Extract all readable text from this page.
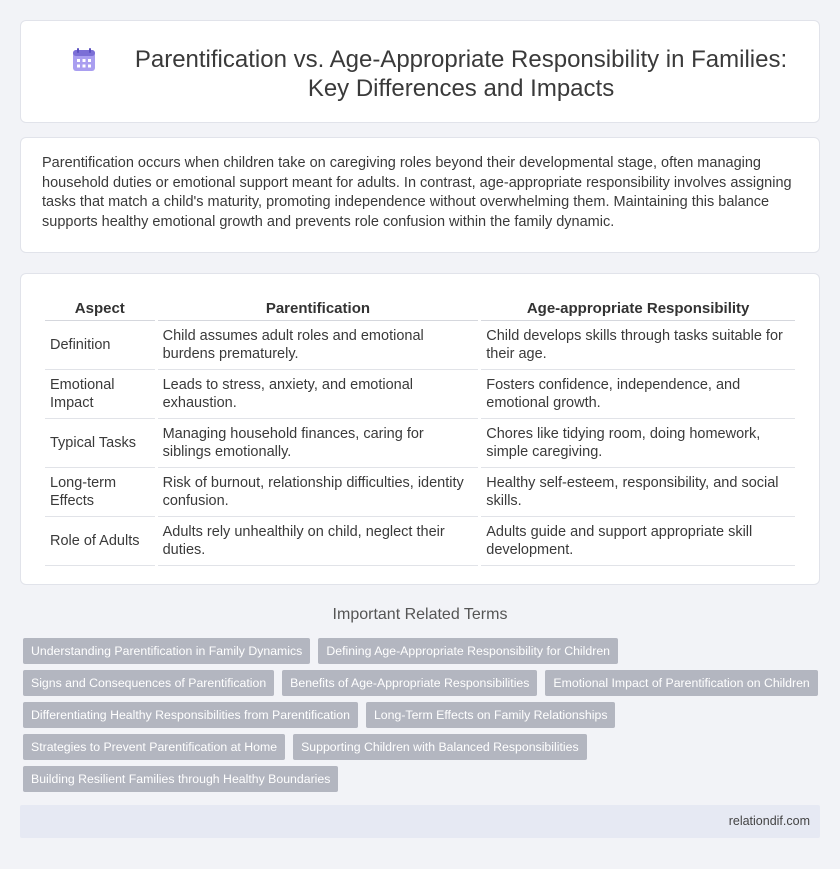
Parentification vs. Age-Appropriate Responsibility in Families: Key Differences and Impacts

Parentification occurs when children take on caregiving roles beyond their developmental stage, often managing household duties or emotional support meant for adults. In contrast, age-appropriate responsibility involves assigning tasks that match a child's maturity, promoting independence without overwhelming them. Maintaining this balance supports healthy emotional growth and prevents role confusion within the family dynamic.

Aspect	Parentification	Age-appropriate Responsibility
Definition	Child assumes adult roles and emotional burdens prematurely.	Child develops skills through tasks suitable for their age.
Emotional Impact	Leads to stress, anxiety, and emotional exhaustion.	Fosters confidence, independence, and emotional growth.
Typical Tasks	Managing household finances, caring for siblings emotionally.	Chores like tidying room, doing homework, simple caregiving.
Long-term Effects	Risk of burnout, relationship difficulties, identity confusion.	Healthy self-esteem, responsibility, and social skills.
Role of Adults	Adults rely unhealthily on child, neglect their duties.	Adults guide and support appropriate skill development.
Important Related Terms
Understanding Parentification in Family Dynamics	Defining Age-Appropriate Responsibility for Children
Signs and Consequences of Parentification	Benefits of Age-Appropriate Responsibilities	Emotional Impact of Parentification on Children
Differentiating Healthy Responsibilities from Parentification	Long-Term Effects on Family Relationships
Strategies to Prevent Parentification at Home	Supporting Children with Balanced Responsibilities
Building Resilient Families through Healthy Boundaries
relationdif.com
